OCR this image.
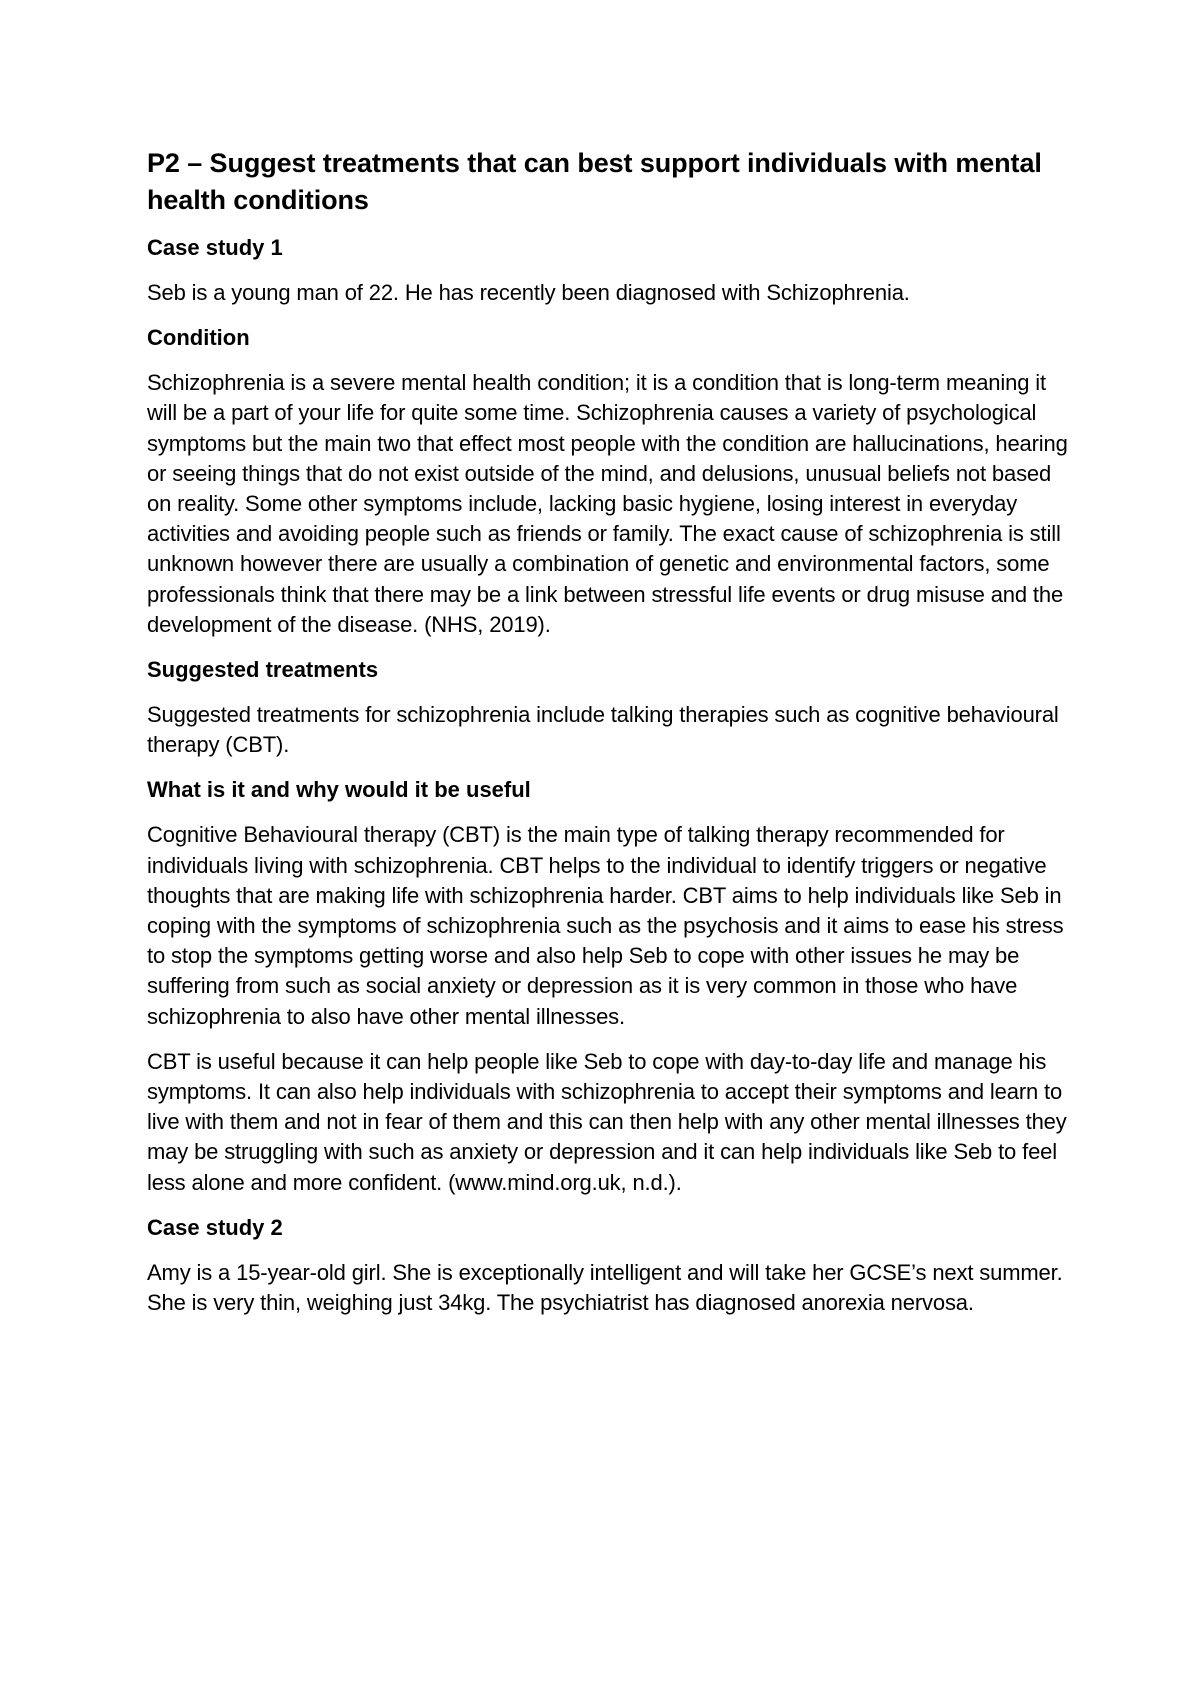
P2 – Suggest treatments that can best support individuals with mental health conditions
Case study 1
Seb is a young man of 22. He has recently been diagnosed with Schizophrenia.
Condition
Schizophrenia is a severe mental health condition; it is a condition that is long-term meaning it will be a part of your life for quite some time. Schizophrenia causes a variety of psychological symptoms but the main two that effect most people with the condition are hallucinations, hearing or seeing things that do not exist outside of the mind, and delusions, unusual beliefs not based on reality. Some other symptoms include, lacking basic hygiene, losing interest in everyday activities and avoiding people such as friends or family. The exact cause of schizophrenia is still unknown however there are usually a combination of genetic and environmental factors, some professionals think that there may be a link between stressful life events or drug misuse and the development of the disease. (NHS, 2019).
Suggested treatments
Suggested treatments for schizophrenia include talking therapies such as cognitive behavioural therapy (CBT).
What is it and why would it be useful
Cognitive Behavioural therapy (CBT) is the main type of talking therapy recommended for individuals living with schizophrenia. CBT helps to the individual to identify triggers or negative thoughts that are making life with schizophrenia harder. CBT aims to help individuals like Seb in coping with the symptoms of schizophrenia such as the psychosis and it aims to ease his stress to stop the symptoms getting worse and also help Seb to cope with other issues he may be suffering from such as social anxiety or depression as it is very common in those who have schizophrenia to also have other mental illnesses.
CBT is useful because it can help people like Seb to cope with day-to-day life and manage his symptoms. It can also help individuals with schizophrenia to accept their symptoms and learn to live with them and not in fear of them and this can then help with any other mental illnesses they may be struggling with such as anxiety or depression and it can help individuals like Seb to feel less alone and more confident. (www.mind.org.uk, n.d.).
Case study 2
Amy is a 15-year-old girl. She is exceptionally intelligent and will take her GCSE’s next summer. She is very thin, weighing just 34kg. The psychiatrist has diagnosed anorexia nervosa.
